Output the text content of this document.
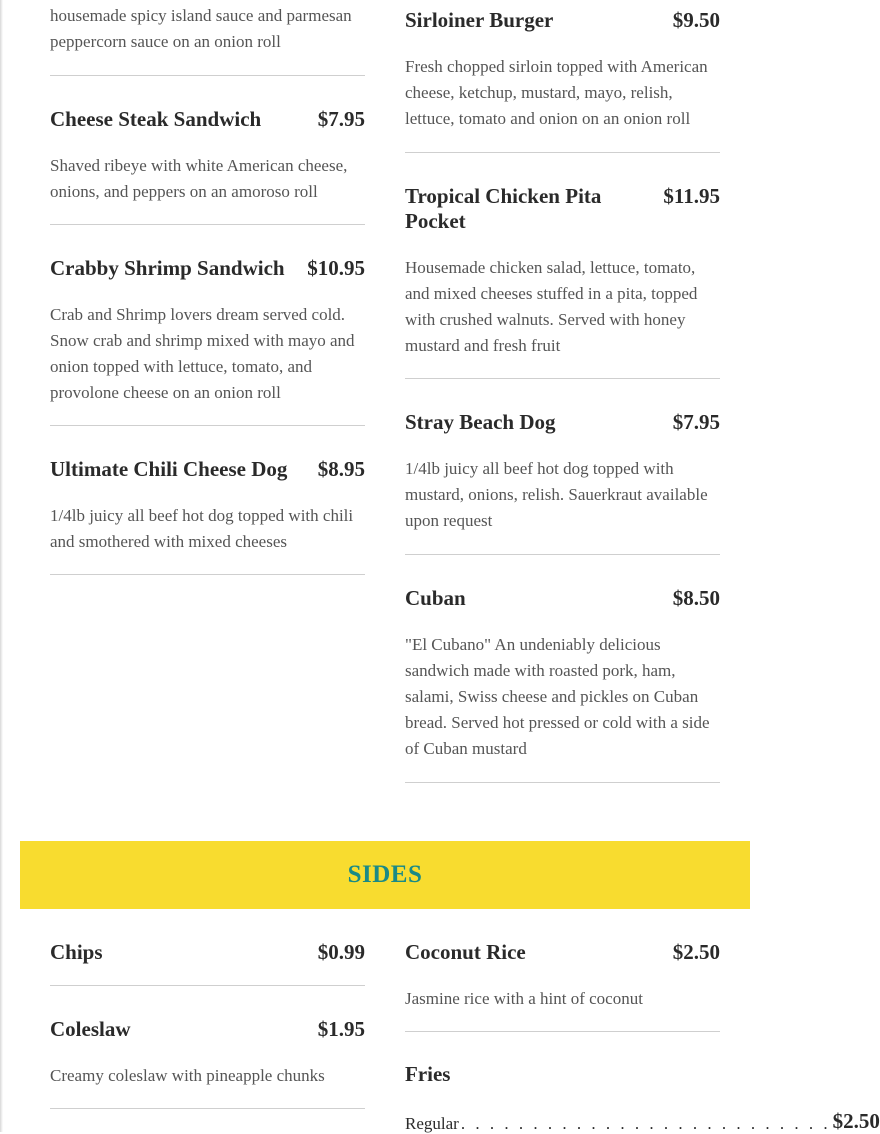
housemade spicy island sauce and parmesan peppercorn sauce on an onion roll
Cheese Steak Sandwich	$7.95
Shaved ribeye with white American cheese, onions, and peppers on an amoroso roll
Crabby Shrimp Sandwich $10.95
Crab and Shrimp lovers dream served cold. Snow crab and shrimp mixed with mayo and onion topped with lettuce, tomato, and provolone cheese on an onion roll
Ultimate Chili Cheese Dog $8.95
1/4lb juicy all beef hot dog topped with chili and smothered with mixed cheeses
Sirloiner Burger	$9.50
Fresh chopped sirloin topped with American cheese, ketchup, mustard, mayo, relish, lettuce, tomato and onion on an onion roll
Tropical Chicken Pita Pocket
$11.95
Housemade chicken salad, lettuce, tomato, and mixed cheeses stuffed in a pita, topped with crushed walnuts. Served with honey mustard and fresh fruit
Stray Beach Dog	$7.95
1/4lb juicy all beef hot dog topped with mustard, onions, relish. Sauerkraut available upon request
Cuban	$8.50
"El Cubano" An undeniably delicious sandwich made with roasted pork, ham, salami, Swiss cheese and pickles on Cuban bread. Served hot pressed or cold with a side of Cuban mustard
SIDES
Chips	$0.99
Coleslaw	$1.95
Creamy coleslaw with pineapple chunks
Coconut Rice	$2.50
Jasmine rice with a hint of coconut
Fries
Regular . . . . . . . . . . . . . . . . . . . . . . . . . . $2.50
